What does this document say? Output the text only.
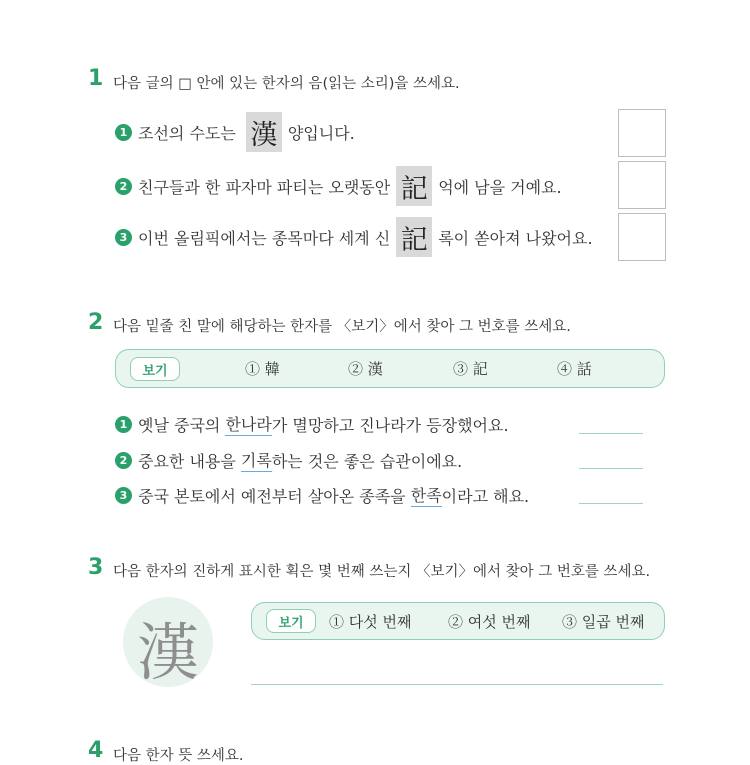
1 다음 글의 □ 안에 있는 한자의 음(읽는 소리)을 쓰세요.
1 조선의 수도는 漢 양입니다.
2 친구들과 한 파자마 파티는 오랫동안 記 억에 남을 거예요.
3 이번 올림픽에서는 종목마다 세계 신 記 록이 쏟아져 나왔어요.
2 다음 밑줄 친 말에 해당하는 한자를 〈보기〉에서 찾아 그 번호를 쓰세요.
보기	① 韓	② 漢	③ 記	④ 話
1 옛날 중국의 한나라 가 멸망하고 진나라가 등장했어요.
2 중요한 내용을 기록 하는 것은 좋은 습관이에요.
3 중국 본토에서 예전부터 살아온 종족을 한족 이라고 해요.
3 다음 한자의 진하게 표시한 획은 몇 번째 쓰는지 〈보기〉에서 찾아 그 번호를 쓰세요.
漢	보기	① 다섯 번째 ② 여섯 번째 ③ 일곱 번째
4 다음 한자 뜻 쓰세요.
